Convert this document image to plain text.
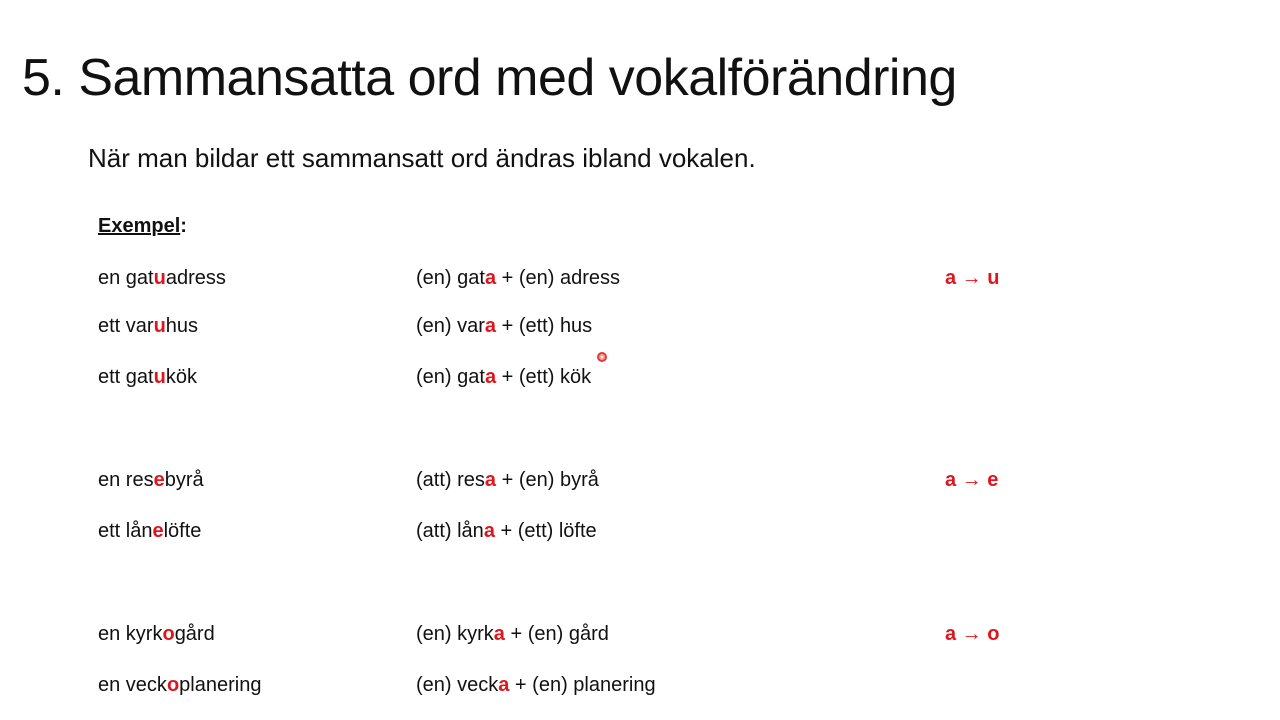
5. Sammansatta ord med vokalförändring

När man bildar ett sammansatt ord ändras ibland vokalen.

Exempel:
en gatuadress	(en) gata + (en) adress	a → u
ett varuhus	(en) vara + (ett) hus
ett gatukök	(en) gata + (ett) kök
en resebyrå	(att) resa + (en) byrå	a → e
ett lånelöfte	(att) låna + (ett) löfte
en kyrkogård	(en) kyrka + (en) gård	a → o
en veckoplanering	(en) vecka + (en) planering
